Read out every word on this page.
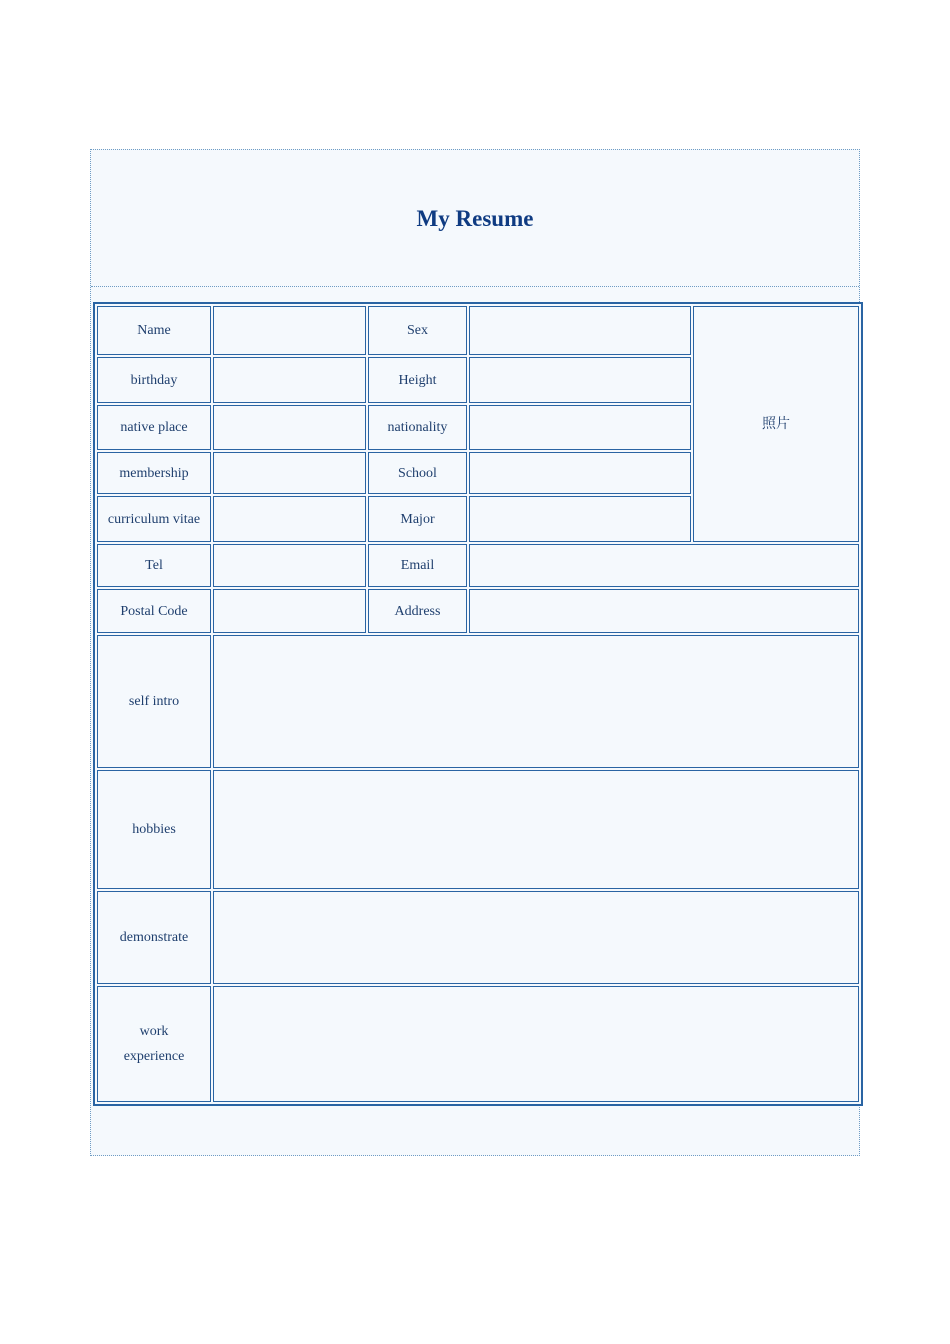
My Resume
Name		Sex		照片
birthday		Height		
native place		nationality		
membership		School		
curriculum vitae		Major		
Tel		Email		
Postal Code		Address		
self intro				
hobbies				
demonstrate				

work
experience				
